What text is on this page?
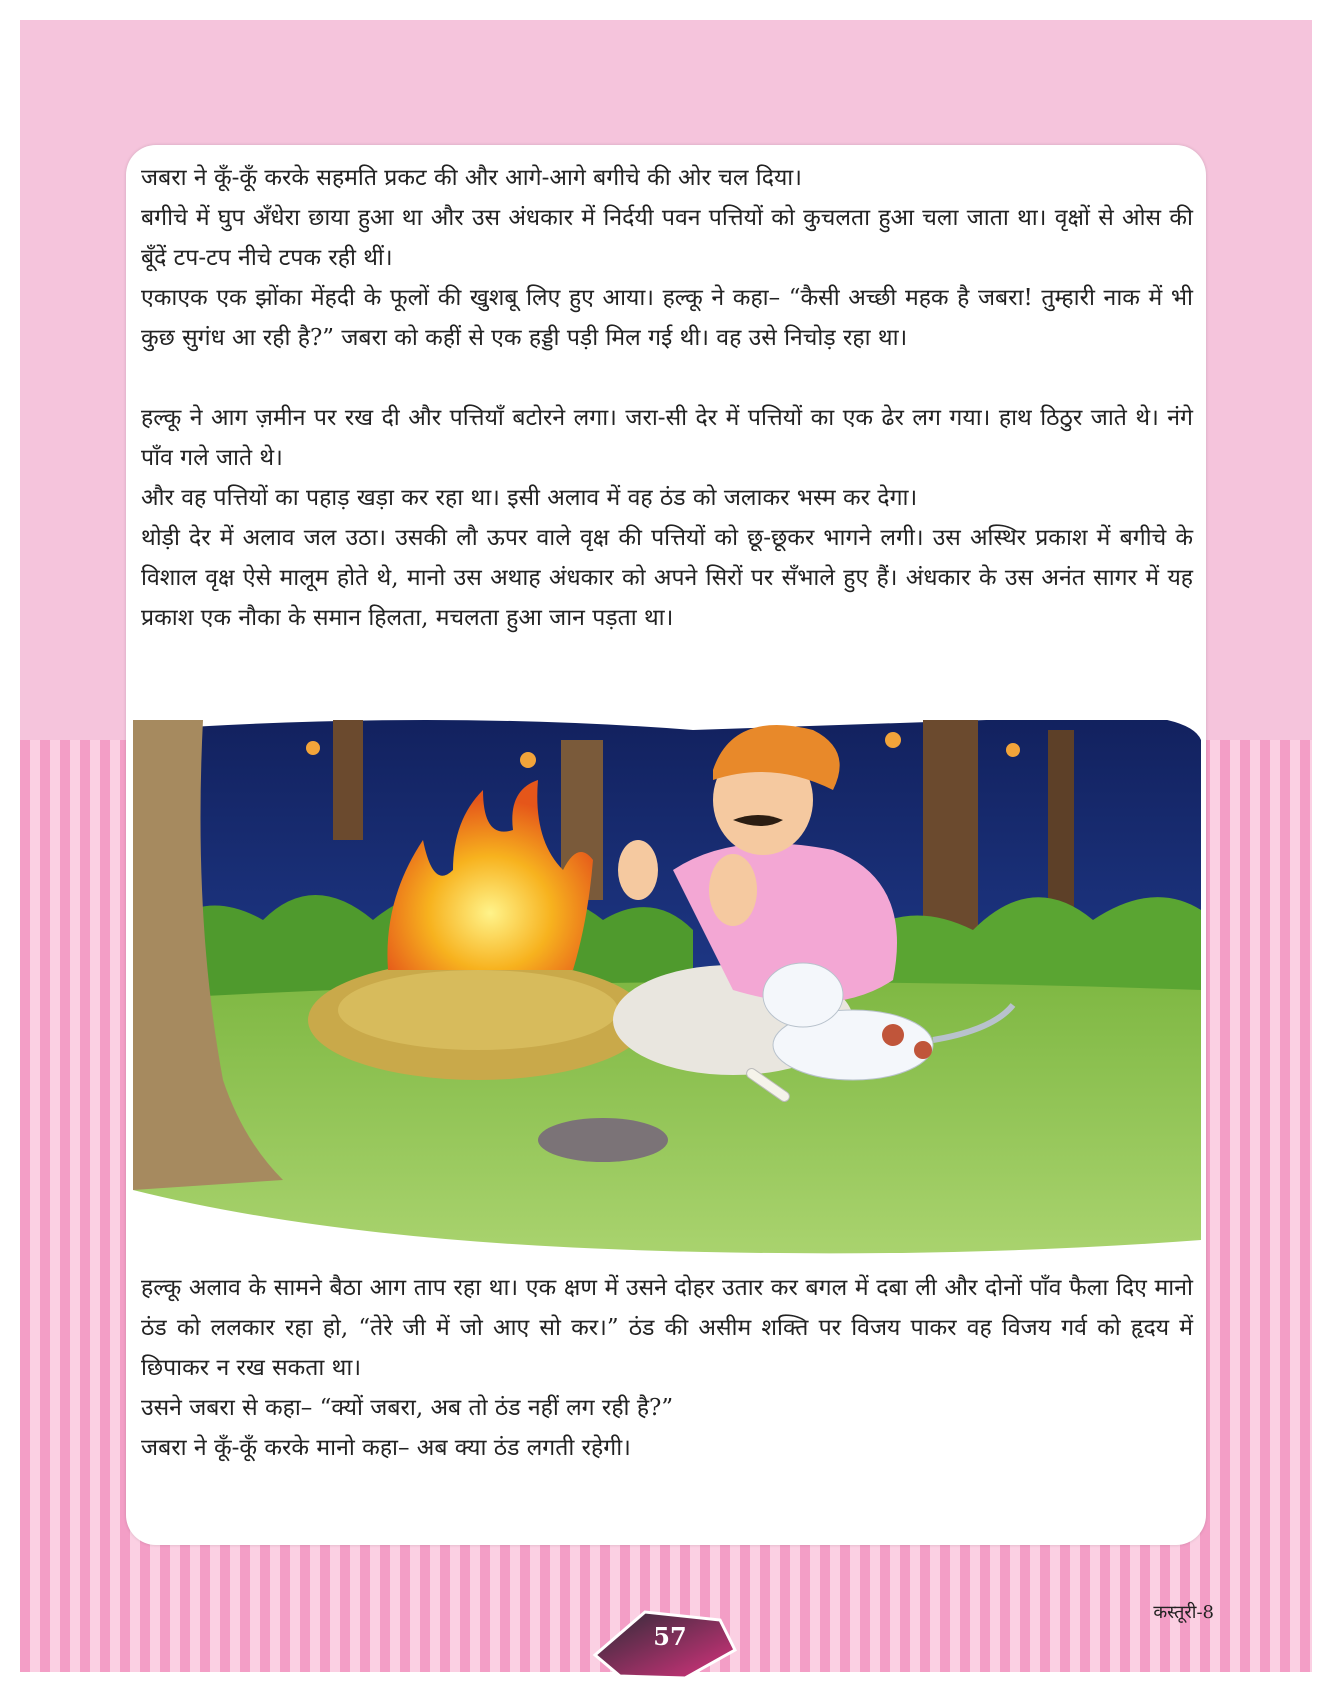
जबरा ने कूँ-कूँ करके सहमति प्रकट की और आगे-आगे बगीचे की ओर चल दिया।

बगीचे में घुप अँधेरा छाया हुआ था और उस अंधकार में निर्दयी पवन पत्तियों को कुचलता हुआ चला जाता था। वृक्षों से ओस की बूँदें टप-टप नीचे टपक रही थीं।

एकाएक एक झोंका मेंहदी के फूलों की खुशबू लिए हुए आया। हल्कू ने कहा– “कैसी अच्छी महक है जबरा! तुम्हारी नाक में भी कुछ सुगंध आ रही है?” जबरा को कहीं से एक हड्डी पड़ी मिल गई थी। वह उसे निचोड़ रहा था।

हल्कू ने आग ज़मीन पर रख दी और पत्तियाँ बटोरने लगा। जरा-सी देर में पत्तियों का एक ढेर लग गया। हाथ ठिठुर जाते थे। नंगे पाँव गले जाते थे।

और वह पत्तियों का पहाड़ खड़ा कर रहा था। इसी अलाव में वह ठंड को जलाकर भस्म कर देगा।

थोड़ी देर में अलाव जल उठा। उसकी लौ ऊपर वाले वृक्ष की पत्तियों को छू-छूकर भागने लगी। उस अस्थिर प्रकाश में बगीचे के विशाल वृक्ष ऐसे मालूम होते थे, मानो उस अथाह अंधकार को अपने सिरों पर सँभाले हुए हैं। अंधकार के उस अनंत सागर में यह प्रकाश एक नौका के समान हिलता, मचलता हुआ जान पड़ता था।

हल्कू अलाव के सामने बैठा आग ताप रहा था। एक क्षण में उसने दोहर उतार कर बगल में दबा ली और दोनों पाँव फैला दिए मानो ठंड को ललकार रहा हो, “तेरे जी में जो आए सो कर।” ठंड की असीम शक्ति पर विजय पाकर वह विजय गर्व को हृदय में छिपाकर न रख सकता था।

उसने जबरा से कहा– “क्यों जबरा, अब तो ठंड नहीं लग रही है?”

जबरा ने कूँ-कूँ करके मानो कहा– अब क्या ठंड लगती रहेगी।

कस्तूरी-8
57
